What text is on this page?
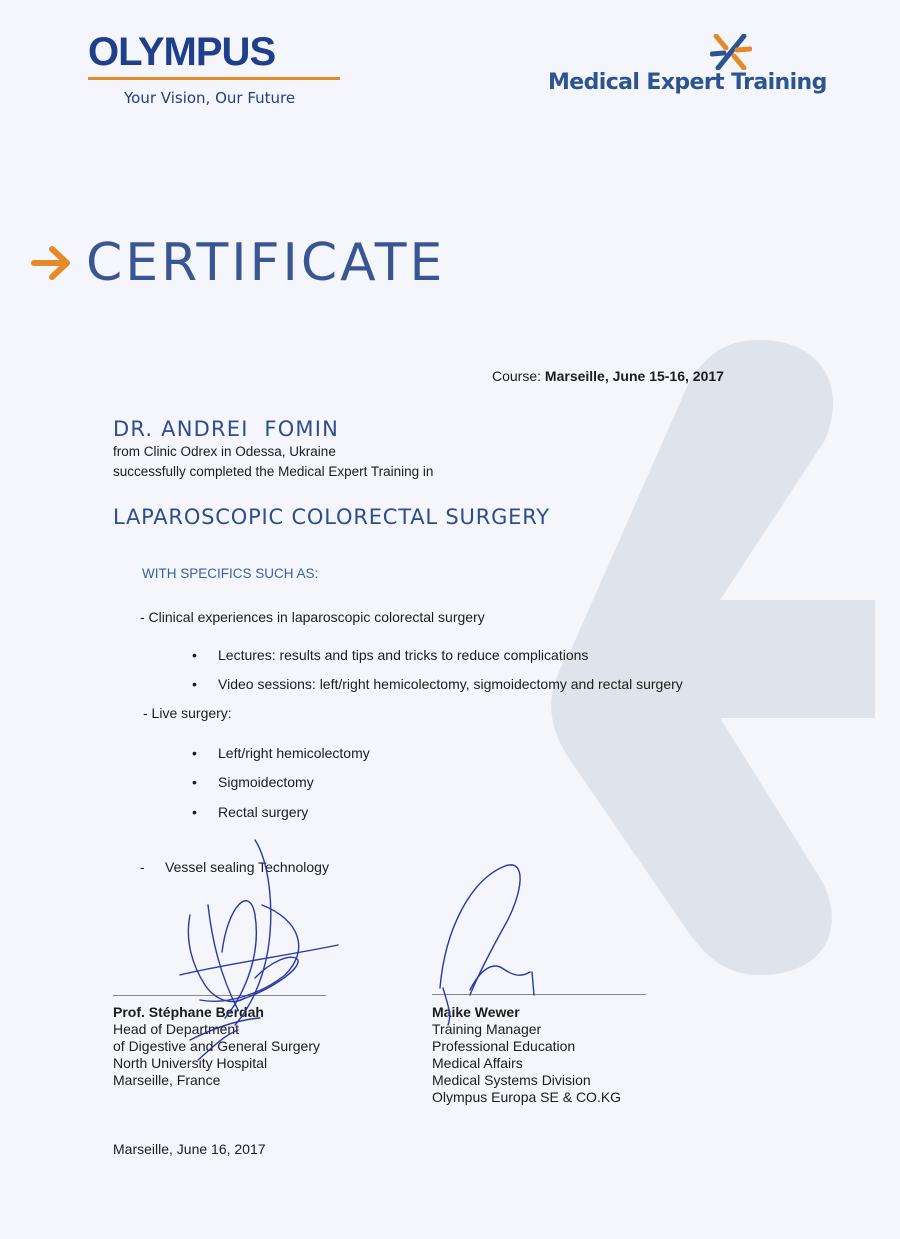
OLYMPUS
Your Vision, Our Future
Medical Expert Training
CERTIFICATE
Course: Marseille, June 15-16, 2017
DR. ANDREI  FOMIN
from Clinic Odrex in Odessa, Ukraine
successfully completed the Medical Expert Training in
LAPAROSCOPIC COLORECTAL SURGERY
WITH SPECIFICS SUCH AS:
- Clinical experiences in laparoscopic colorectal surgery
• Lectures: results and tips and tricks to reduce complications
• Video sessions: left/right hemicolectomy, sigmoidectomy and rectal surgery
- Live surgery:
• Left/right hemicolectomy
• Sigmoidectomy
• Rectal surgery
- Vessel sealing Technology
Prof. Stéphane Berdah
Head of Department
of Digestive and General Surgery
North University Hospital
Marseille, France
Maike Wewer
Training Manager
Professional Education
Medical Affairs
Medical Systems Division
Olympus Europa SE & CO.KG
Marseille, June 16, 2017
